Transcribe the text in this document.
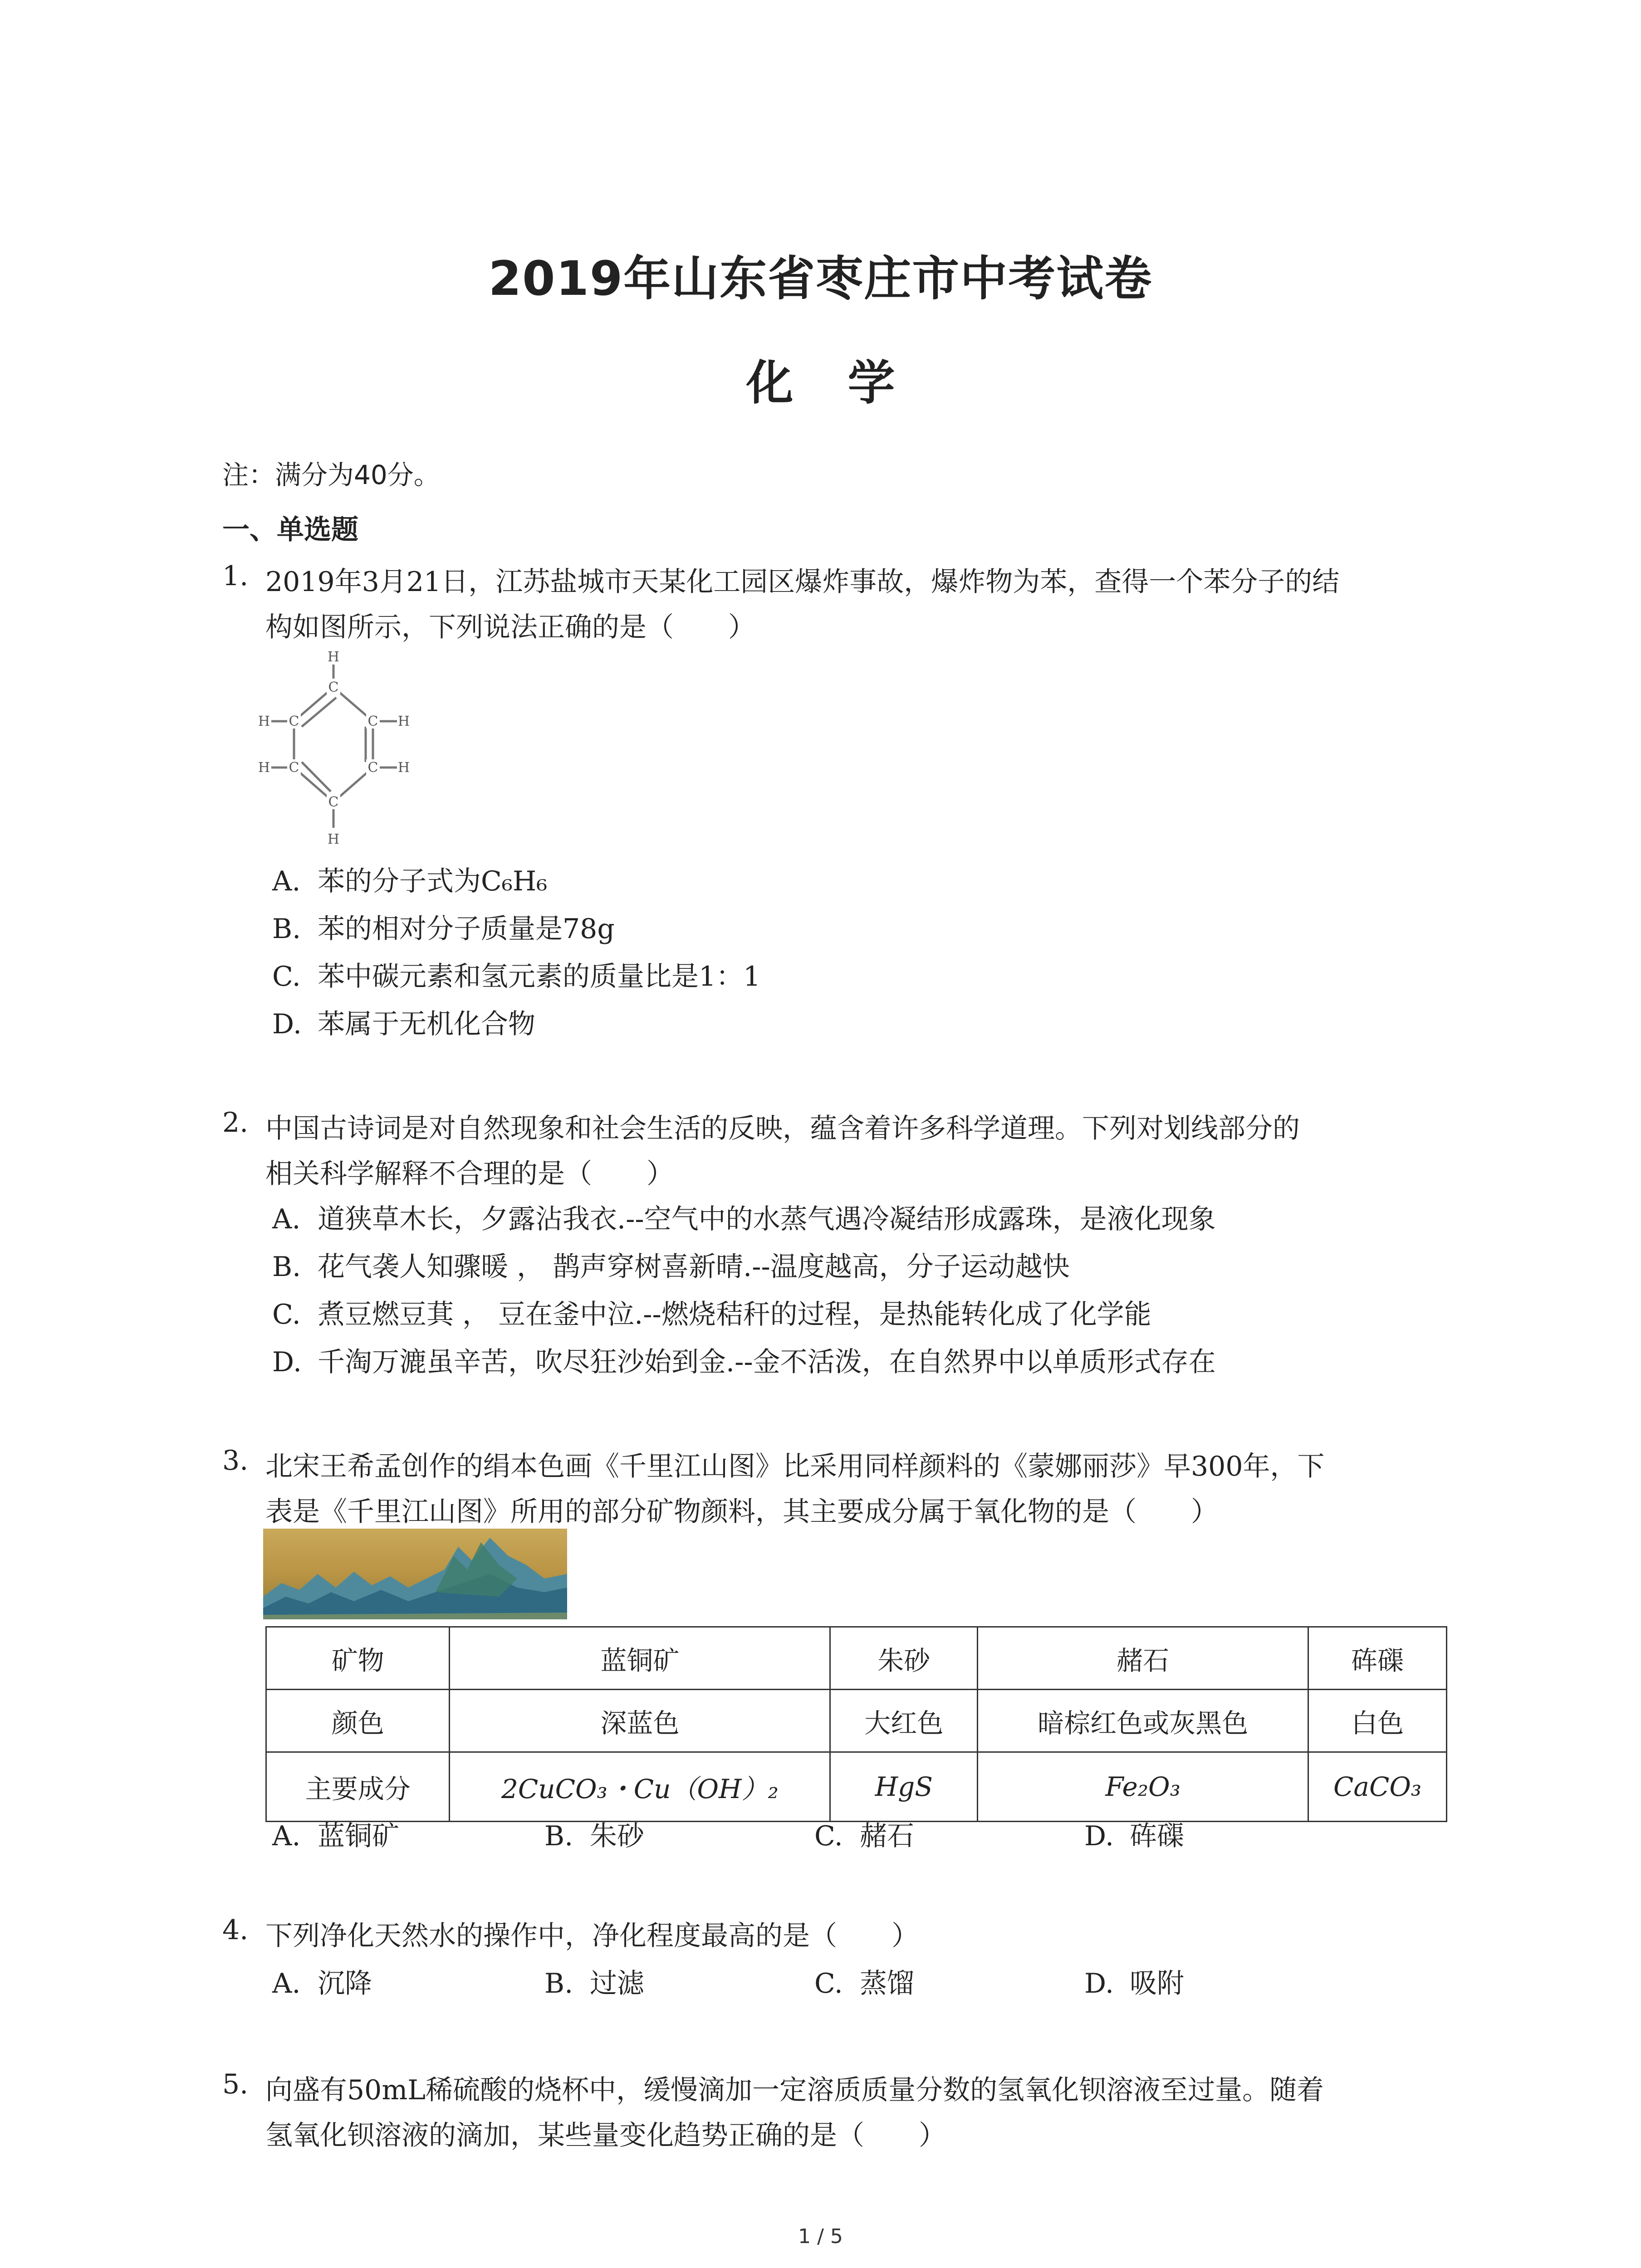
2019年山东省枣庄市中考试卷
化学
注：满分为40分。
一、单选题
1. 2019年3月21日，江苏盐城市天某化工园区爆炸事故，爆炸物为苯，查得一个苯分子的结
构如图所示，下列说法正确的是（　　）
H
C
H C	C H
H C	C H
C
H
A. 苯的分子式为C₆H₆
B. 苯的相对分子质量是78g
C. 苯中碳元素和氢元素的质量比是1：1
D. 苯属于无机化合物
2. 中国古诗词是对自然现象和社会生活的反映，蕴含着许多科学道理。下列对划线部分的
相关科学解释不合理的是（　　）
A. 道狭草木长，夕露沾我衣.--空气中的水蒸气遇冷凝结形成露珠，是液化现象
B. 花气袭人知骤暖 ， 鹊声穿树喜新晴.--温度越高，分子运动越快
C. 煮豆燃豆萁 ， 豆在釜中泣.--燃烧秸秆的过程，是热能转化成了化学能
D. 千淘万漉虽辛苦，吹尽狂沙始到金.--金不活泼，在自然界中以单质形式存在
3. 北宋王希孟创作的绢本色画《千里江山图》比采用同样颜料的《蒙娜丽莎》早300年，下
表是《千里江山图》所用的部分矿物颜料，其主要成分属于氧化物的是（　　）
矿物	蓝铜矿	朱砂	赭石	砗磲
颜色	深蓝色	大红色	暗棕红色或灰黑色	白色
主要成分	2CuCO₃・Cu（OH）₂	HgS	Fe₂O₃	CaCO₃
A. 蓝铜矿	B. 朱砂	C. 赭石	D. 砗磲
4. 下列净化天然水的操作中，净化程度最高的是（　　）
A. 沉降	B. 过滤	C. 蒸馏	D. 吸附
5. 向盛有50mL稀硫酸的烧杯中，缓慢滴加一定溶质质量分数的氢氧化钡溶液至过量。随着
氢氧化钡溶液的滴加，某些量变化趋势正确的是（　　）
1 / 5
